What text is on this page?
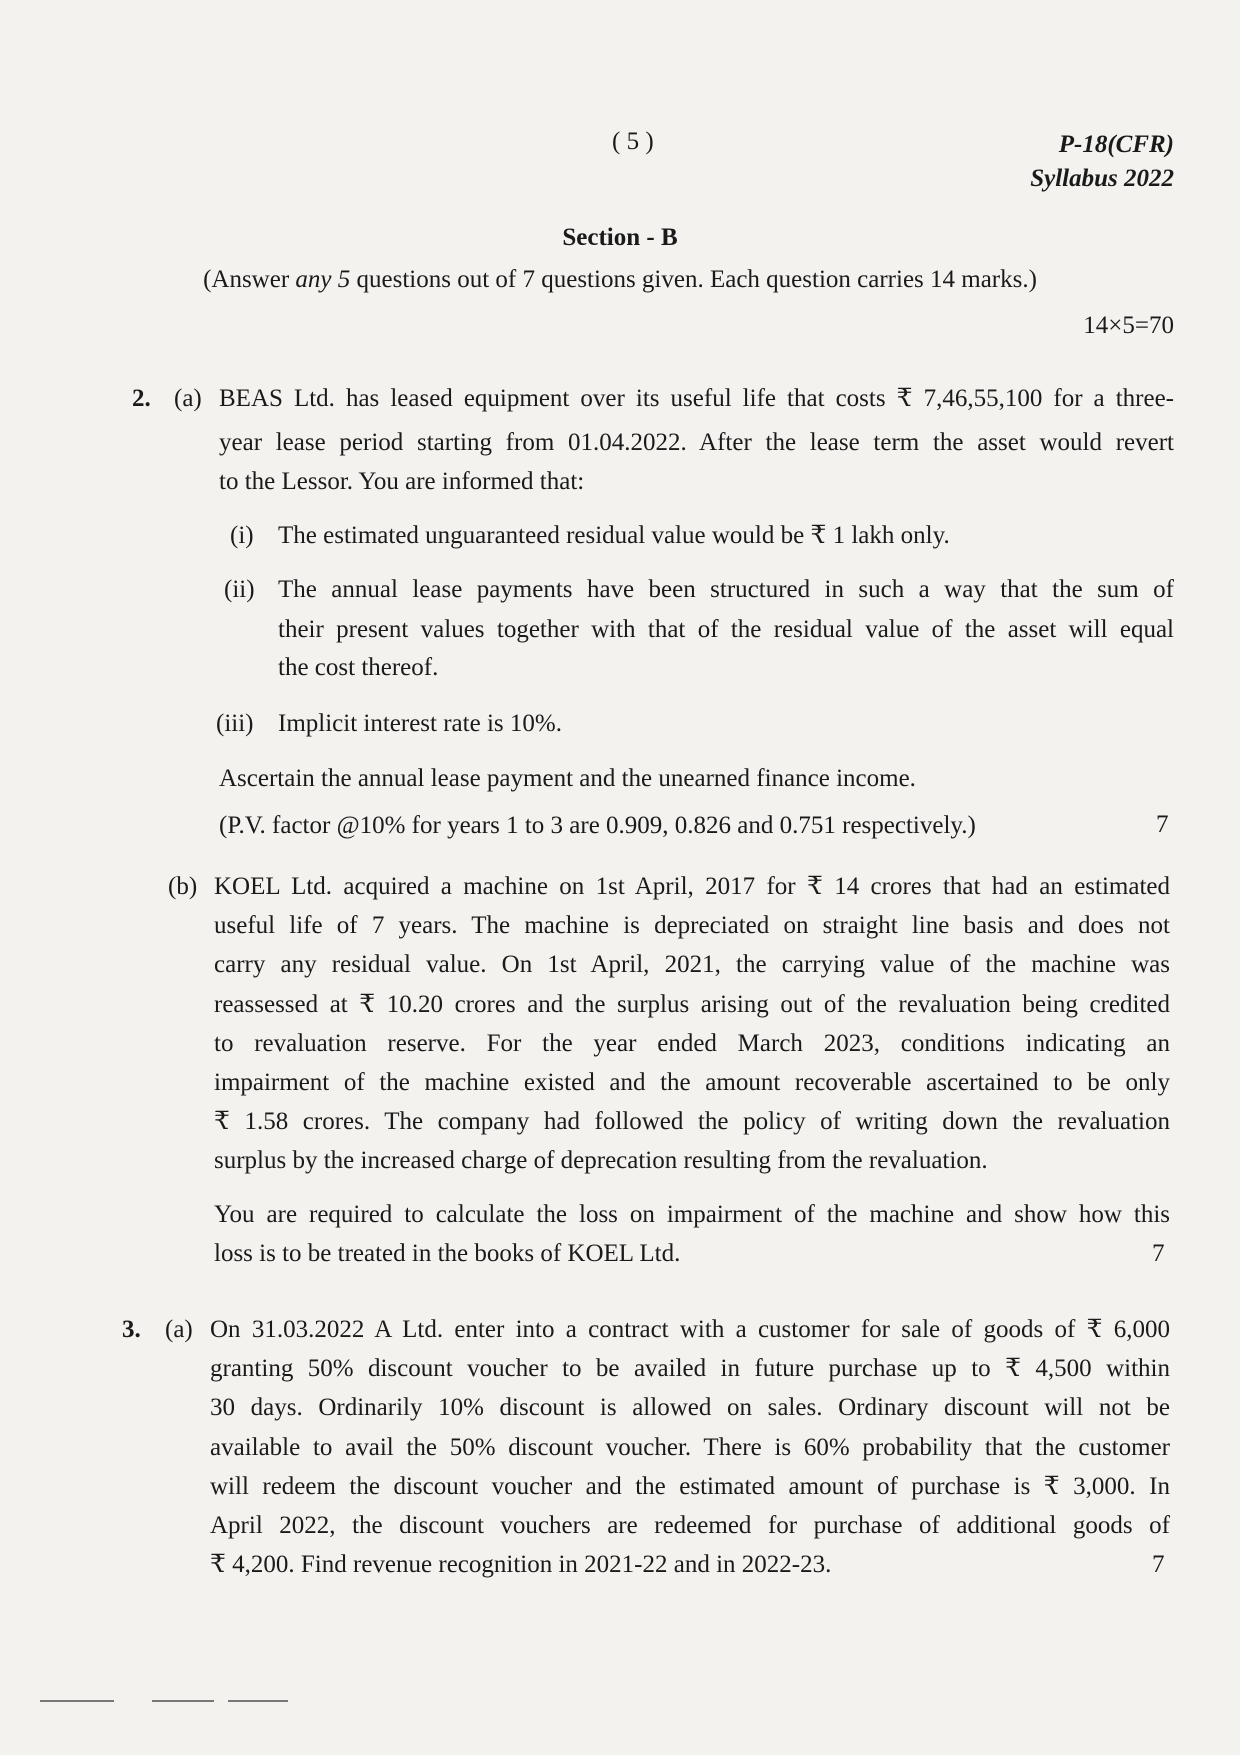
( 5 )	P-18(CFR)
Syllabus 2022
Section - B
(Answer any 5 questions out of 7 questions given. Each question carries 14 marks.)
14×5=70
2. (a) BEAS Ltd. has leased equipment over its useful life that costs ₹ 7,46,55,100 for a three-
year lease period starting from 01.04.2022. After the lease term the asset would revert
to the Lessor. You are informed that:
(i) The estimated unguaranteed residual value would be ₹ 1 lakh only.
(ii) The annual lease payments have been structured in such a way that the sum of
their present values together with that of the residual value of the asset will equal
the cost thereof.
(iii) Implicit interest rate is 10%.
Ascertain the annual lease payment and the unearned finance income.
(P.V. factor @10% for years 1 to 3 are 0.909, 0.826 and 0.751 respectively.)	7
(b) KOEL Ltd. acquired a machine on 1st April, 2017 for ₹ 14 crores that had an estimated
useful life of 7 years. The machine is depreciated on straight line basis and does not
carry any residual value. On 1st April, 2021, the carrying value of the machine was
reassessed at ₹ 10.20 crores and the surplus arising out of the revaluation being credited
to revaluation reserve. For the year ended March 2023, conditions indicating an
impairment of the machine existed and the amount recoverable ascertained to be only
₹ 1.58 crores. The company had followed the policy of writing down the revaluation
surplus by the increased charge of deprecation resulting from the revaluation.
You are required to calculate the loss on impairment of the machine and show how this
loss is to be treated in the books of KOEL Ltd.	7
3. (a) On 31.03.2022 A Ltd. enter into a contract with a customer for sale of goods of ₹ 6,000
granting 50% discount voucher to be availed in future purchase up to ₹ 4,500 within
30 days. Ordinarily 10% discount is allowed on sales. Ordinary discount will not be
available to avail the 50% discount voucher. There is 60% probability that the customer
will redeem the discount voucher and the estimated amount of purchase is ₹ 3,000. In
April 2022, the discount vouchers are redeemed for purchase of additional goods of
₹ 4,200. Find revenue recognition in 2021-22 and in 2022-23.	7
